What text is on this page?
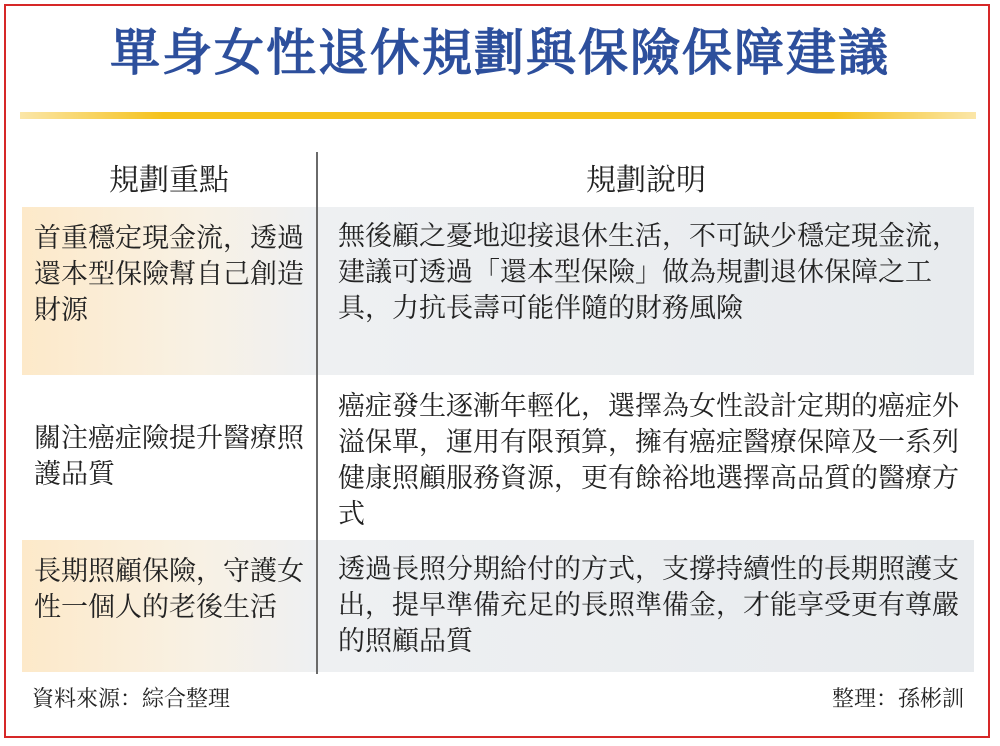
單身女性退休規劃與保險保障建議
規劃重點	規劃說明
首重穩定現金流，透過還本型保險幫自己創造財源
無後顧之憂地迎接退休生活，不可缺少穩定現金流，建議可透過「還本型保險」做為規劃退休保障之工具，力抗長壽可能伴隨的財務風險
關注癌症險提升醫療照護品質
癌症發生逐漸年輕化，選擇為女性設計定期的癌症外溢保單，運用有限預算，擁有癌症醫療保障及一系列健康照顧服務資源，更有餘裕地選擇高品質的醫療方式
長期照顧保險，守護女性一個人的老後生活
透過長照分期給付的方式，支撐持續性的長期照護支出，提早準備充足的長照準備金，才能享受更有尊嚴的照顧品質
資料來源：綜合整理	整理：孫彬訓
